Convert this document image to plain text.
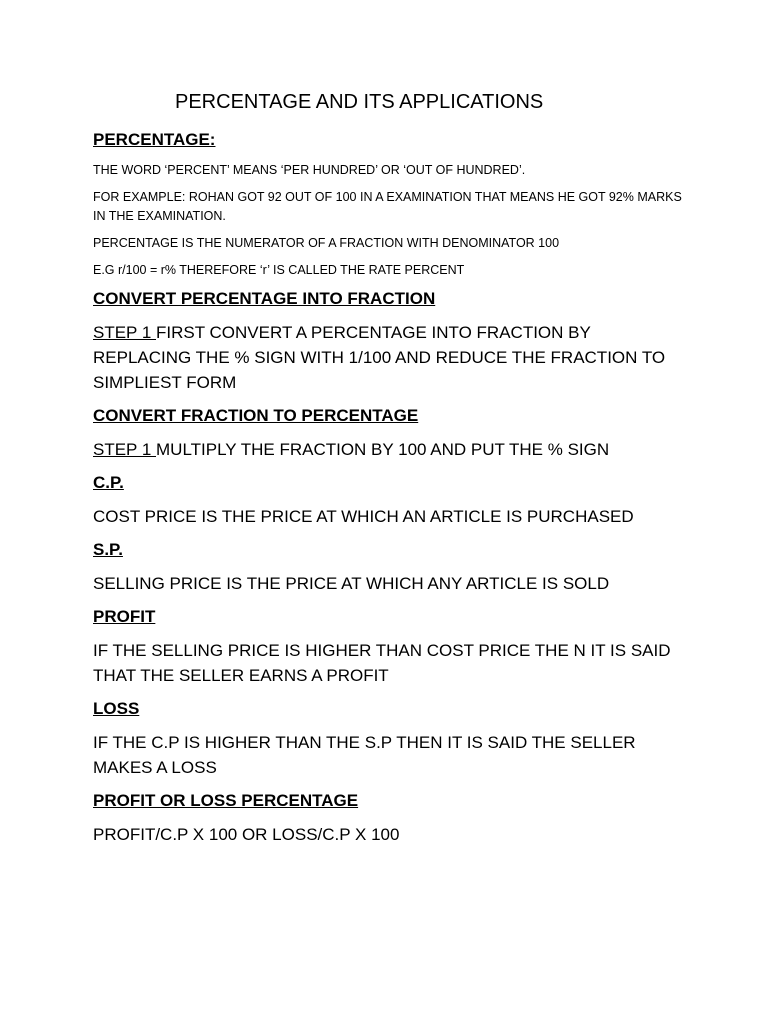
PERCENTAGE AND ITS APPLICATIONS
PERCENTAGE:
THE WORD ‘PERCENT’ MEANS ‘PER HUNDRED’ OR ‘OUT OF HUNDRED’.
FOR EXAMPLE: ROHAN GOT 92 OUT OF 100 IN A EXAMINATION THAT MEANS HE GOT 92% MARKS IN THE EXAMINATION.
PERCENTAGE IS THE NUMERATOR OF A FRACTION WITH DENOMINATOR 100
E.G r/100 = r% THEREFORE ‘r’ IS CALLED THE RATE PERCENT
CONVERT PERCENTAGE INTO FRACTION
STEP 1 FIRST CONVERT A PERCENTAGE INTO FRACTION BY REPLACING THE % SIGN WITH 1/100 AND REDUCE THE FRACTION TO SIMPLIEST FORM
CONVERT FRACTION TO PERCENTAGE
STEP 1 MULTIPLY THE FRACTION BY 100 AND PUT THE % SIGN
C.P.
COST PRICE IS THE PRICE AT WHICH AN ARTICLE IS PURCHASED
S.P.
SELLING PRICE IS THE PRICE AT WHICH ANY ARTICLE IS SOLD
PROFIT
IF THE SELLING PRICE IS HIGHER THAN COST PRICE THE N IT IS SAID THAT THE SELLER EARNS A PROFIT
LOSS
IF THE C.P IS HIGHER THAN THE S.P THEN IT IS SAID THE SELLER MAKES A LOSS
PROFIT OR LOSS PERCENTAGE
PROFIT/C.P X 100 OR LOSS/C.P X 100
